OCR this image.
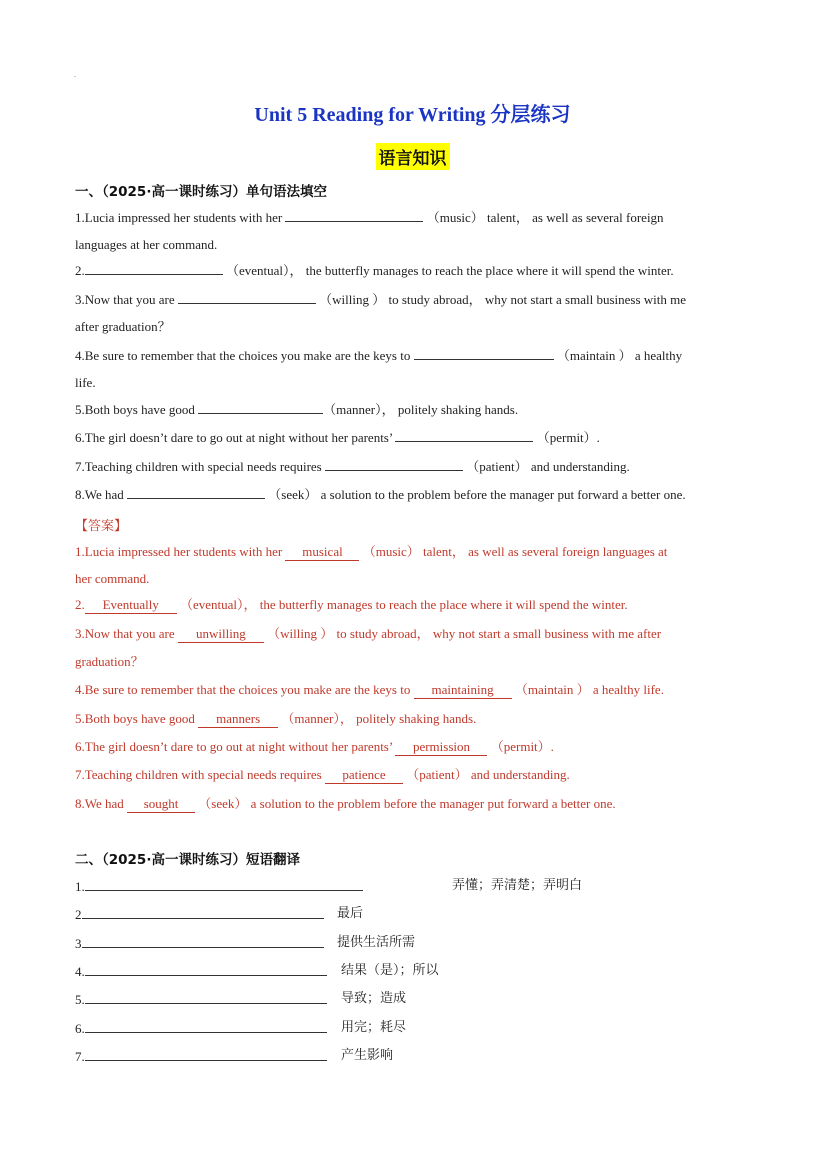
.
Unit 5 Reading for Writing 分层练习
语言知识
一、（2025·高一课时练习）单句语法填空
1.Lucia impressed her students with her	（music） talent， as well as several foreign
languages at her command.
2.	（eventual）， the butterfly manages to reach the place where it will spend the winter.
3.Now that you are	（willing ） to study abroad， why not start a small business with me
after graduation？
4.Be sure to remember that the choices you make are the keys to	（maintain ） a healthy
life.
5.Both boys have good	（manner）， politely shaking hands.
6.The girl doesn’t dare to go out at night without her parents’	（permit）.
7.Teaching children with special needs requires	（patient） and understanding.
8.We had	（seek） a solution to the problem before the manager put forward a better one.
【答案】
1.Lucia impressed her students with her musical （music） talent， as well as several foreign languages at
her command.
2. Eventually （eventual）， the butterfly manages to reach the place where it will spend the winter.
3.Now that you are unwilling （willing ） to study abroad， why not start a small business with me after
graduation？
4.Be sure to remember that the choices you make are the keys to maintaining （maintain ） a healthy life.
5.Both boys have good manners （manner）， politely shaking hands.
6.The girl doesn’t dare to go out at night without her parents’ permission （permit）.
7.Teaching children with special needs requires patience （patient） and understanding.
8.We had sought （seek） a solution to the problem before the manager put forward a better one.
二、（2025·高一课时练习）短语翻译
1.	弄懂；弄清楚；弄明白
2	最后
3	提供生活所需
4.	结果（是）；所以
5.	导致；造成
6.	用完；耗尽
7.	产生影响
